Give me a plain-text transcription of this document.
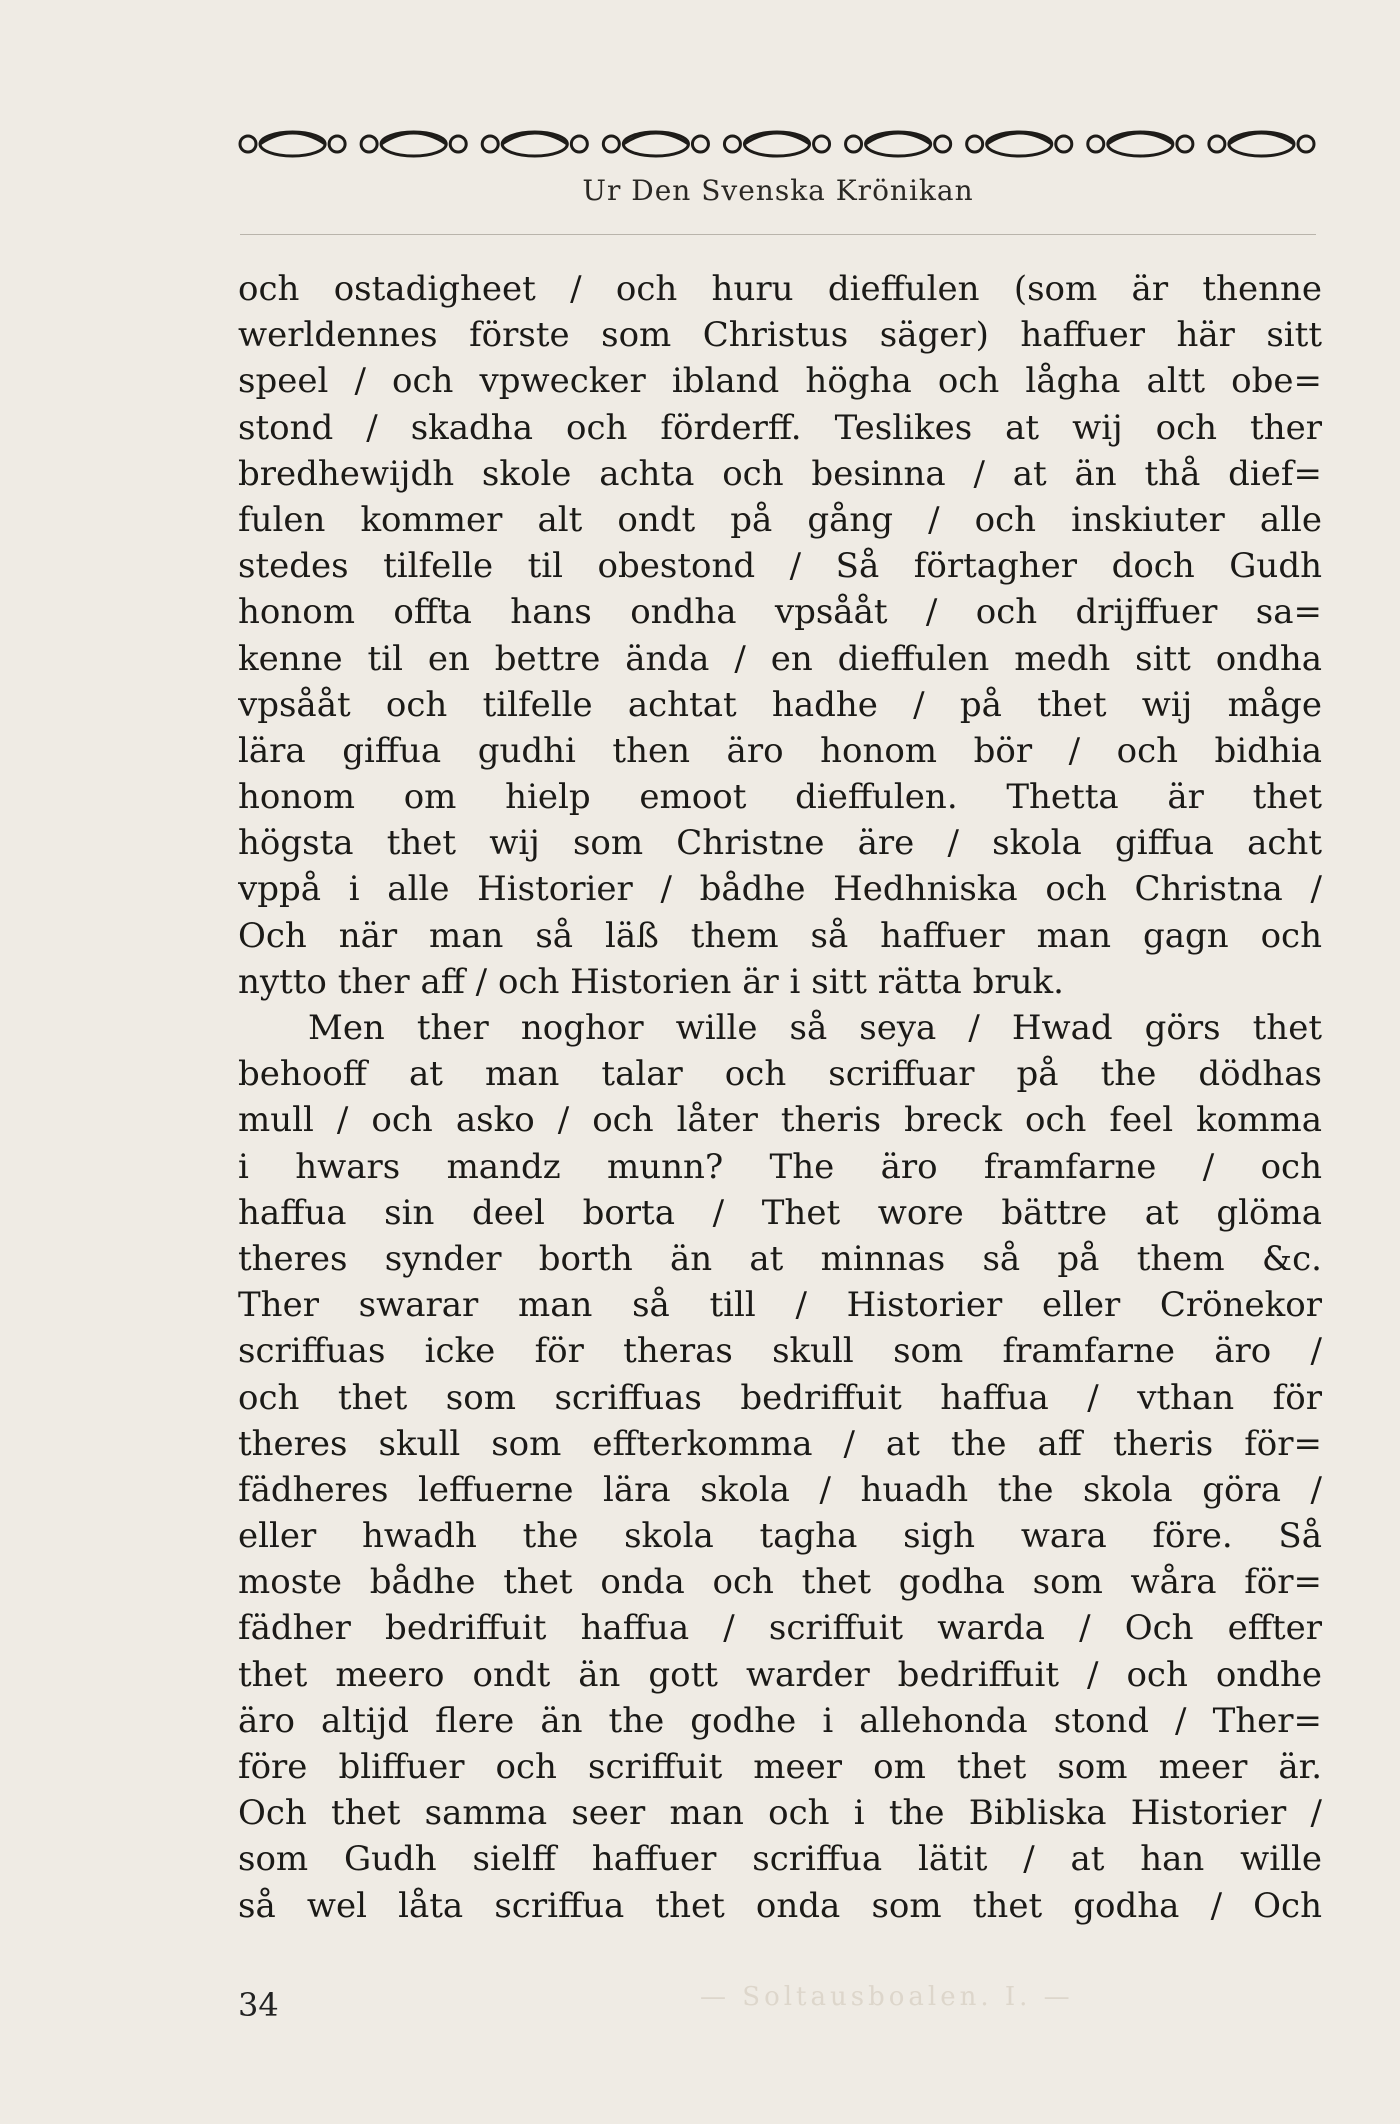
Ur Den Svenska Krönikan
och ostadigheet / och huru dieffulen (som är thenne
werldennes förste som Christus säger) haffuer här sitt
speel / och vpwecker ibland högha och lågha altt obe=
stond / skadha och förderff. Teslikes at wij och ther
bredhewijdh skole achta och besinna / at än thå dief=
fulen kommer alt ondt på gång / och inskiuter alle
stedes tilfelle til obestond / Så förtagher doch Gudh
honom offta hans ondha vpsååt / och drijffuer sa=
kenne til en bettre ända / en dieffulen medh sitt ondha
vpsååt och tilfelle achtat hadhe / på thet wij måge
lära giffua gudhi then äro honom bör / och bidhia
honom om hielp emoot dieffulen. Thetta är thet
högsta thet wij som Christne äre / skola giffua acht
vppå i alle Historier / bådhe Hedhniska och Christna /
Och när man så läß them så haffuer man gagn och
nytto ther aff / och Historien är i sitt rätta bruk.
Men ther noghor wille så seya / Hwad görs thet
behooff at man talar och scriffuar på the dödhas
mull / och asko / och låter theris breck och feel komma
i hwars mandz munn? The äro framfarne / och
haffua sin deel borta / Thet wore bättre at glöma
theres synder borth än at minnas så på them &c.
Ther swarar man så till / Historier eller Crönekor
scriffuas icke för theras skull som framfarne äro /
och thet som scriffuas bedriffuit haffua / vthan för
theres skull som effterkomma / at the aff theris för=
fädheres leffuerne lära skola / huadh the skola göra /
eller hwadh the skola tagha sigh wara före. Så
moste bådhe thet onda och thet godha som wåra för=
fädher bedriffuit haffua / scriffuit warda / Och effter
thet meero ondt än gott warder bedriffuit / och ondhe
äro altijd flere än the godhe i allehonda stond / Ther=
före bliffuer och scriffuit meer om thet som meer är.
Och thet samma seer man och i the Bibliska Historier /
som Gudh sielff haffuer scriffua lätit / at han wille
så wel låta scriffua thet onda som thet godha / Och
— Soltausboalen. I. —
34
